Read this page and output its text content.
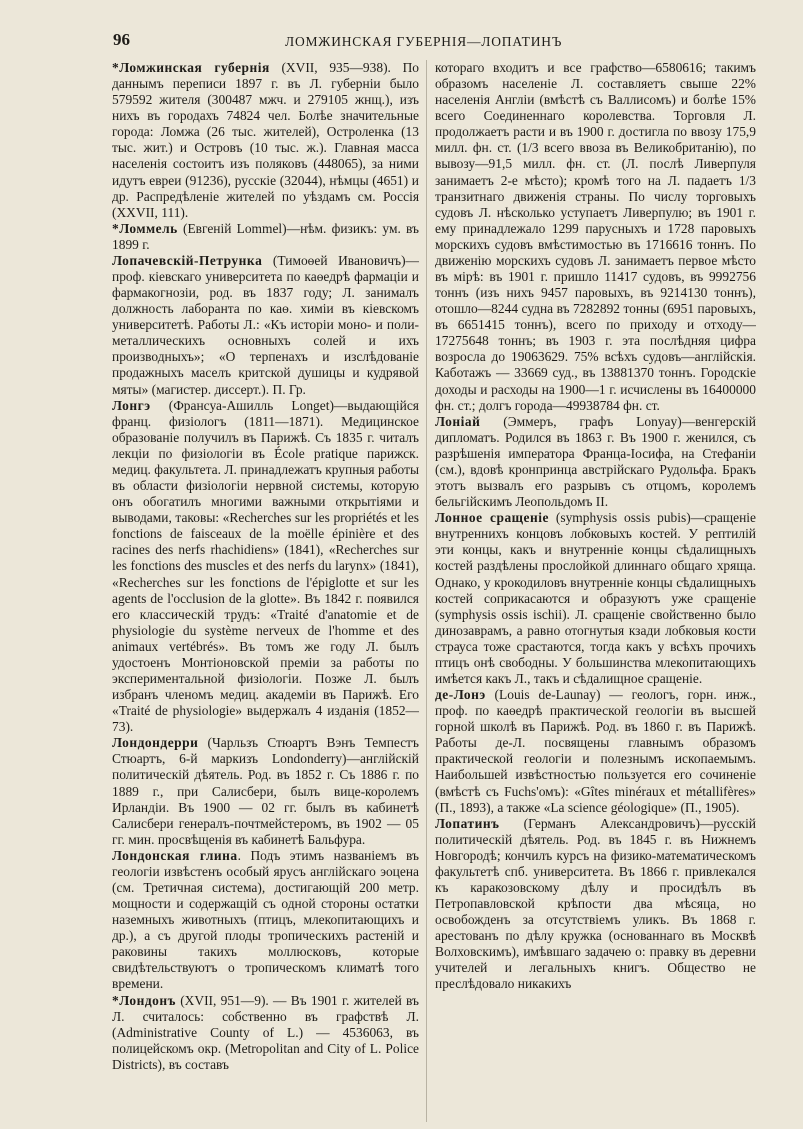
96	ЛОМЖИНСКАЯ ГУБЕРНІЯ—ЛОПАТИНЪ

*Ломжинская губернія (XVII, 935—938). По даннымъ переписи 1897 г. въ Л. губерніи было 579592 жителя (300487 мжч. и 279105 жнщ.), изъ нихъ въ городахъ 74824 чел. Болѣе значительные города: Ломжа (26 тыс. жителей), Остроленка (13 тыс. жит.) и Островъ (10 тыс. ж.). Главная масса населенія состоитъ изъ поляковъ (448065), за ними идутъ евреи (91236), русскіе (32044), нѣмцы (4651) и др. Распредѣленіе жителей по уѣздамъ см. Россія (XXVII, 111).

*Ломмель (Евгеній Lommel)—нѣм. физикъ: ум. въ 1899 г.

Лопачевскій-Петрункa (Тимоѳей Ивановичъ)—проф. кіевскаго университета по каѳедрѣ фармаціи и фармакогнозіи, род. въ 1837 году; Л. занималъ должность лаборанта по каѳ. химіи въ кіевскомъ университетѣ. Работы Л.: «Къ исторіи моно- и поли-металлическихъ основныхъ солей и ихъ производныхъ»; «О терпенахъ и изслѣдованіе продажныхъ маселъ критской душицы и кудрявой мяты» (магистер. диссерт.). П. Гр.

Лонгэ (Франсуа-Ашилль Longet)—выдающійся франц. физіологъ (1811—1871). Медицинское образованіе получилъ въ Парижѣ. Съ 1835 г. читалъ лекціи по физіологіи въ École pratique парижск. медиц. факультета. Л. принадлежатъ крупныя работы въ области физіологіи нервной системы, которую онъ обогатилъ многими важными открытіями и выводами, таковы: «Recherches sur les propriétés et les fonctions de faisceaux de la moëlle épinière et des racines des nerfs rhachidiens» (1841), «Recherches sur les fonctions des muscles et des nerfs du larynx» (1841), «Recherches sur les fonctions de l'épiglotte et sur les agents de l'occlusion de la glotte». Въ 1842 г. появился его классическій трудъ: «Traité d'anatomie et de physiologie du système nerveux de l'homme et des animaux vertébrés». Въ томъ же году Л. былъ удостоенъ Монтіоновской преміи за работы по экспериментальной физіологіи. Позже Л. былъ избранъ членомъ медиц. академіи въ Парижѣ. Его «Traité de physiologie» выдержалъ 4 изданія (1852—73).

Лондондерри (Чарльзъ Стюартъ Вэнъ Темпестъ Стюартъ, 6-й маркизъ Londonderry)—англійскій политическій дѣятель. Род. въ 1852 г. Съ 1886 г. по 1889 г., при Салисбери, былъ вице-королемъ Ирландіи. Въ 1900 — 02 гг. былъ въ кабинетѣ Салисбери генералъ-почтмейстеромъ, въ 1902 — 05 гг. мин. просвѣщенія въ кабинетѣ Бальфура.

Лондонская глина. Подъ этимъ названіемъ въ геологіи извѣстенъ особый ярусъ англійскаго эоцена (см. Третичная система), достигающій 200 метр. мощности и содержащій съ одной стороны остатки наземныхъ животныхъ (птицъ, млекопитающихъ и др.), а съ другой плоды тропическихъ растеній и раковины такихъ моллюсковъ, которые свидѣтельствуютъ о тропическомъ климатѣ того времени.

*Лондонъ (XVII, 951—9). — Въ 1901 г. жителей въ Л. считалось: собственно въ графствѣ Л. (Administrative County of L.) — 4536063, въ полицейскомъ окр. (Metropolitan and City of L. Police Districts), въ составъ

котораго входитъ и все графство—6580616; такимъ образомъ населеніе Л. составляетъ свыше 22% населенія Англіи (вмѣстѣ съ Валлисомъ) и болѣе 15% всего Соединеннаго королевства. Торговля Л. продолжаетъ расти и въ 1900 г. достигла по ввозу 175,9 милл. фн. ст. (1/3 всего ввоза въ Великобританію), по вывозу—91,5 милл. фн. ст. (Л. послѣ Ливерпуля занимаетъ 2-е мѣсто); кромѣ того на Л. падаетъ 1/3 транзитнаго движенія страны. По числу торговыхъ судовъ Л. нѣсколько уступаетъ Ливерпулю; въ 1901 г. ему принадлежало 1299 парусныхъ и 1728 паровыхъ морскихъ судовъ вмѣстимостью въ 1716616 тоннъ. По движенію морскихъ судовъ Л. занимаетъ первое мѣсто въ мірѣ: въ 1901 г. пришло 11417 судовъ, въ 9992756 тоннъ (изъ нихъ 9457 паровыхъ, въ 9214130 тоннъ), отошло—8244 судна въ 7282892 тонны (6951 паровыхъ, въ 6651415 тоннъ), всего по приходу и отходу—17275648 тоннъ; въ 1903 г. эта послѣдняя цифра возросла до 19063629. 75% всѣхъ судовъ—англійскія. Каботажъ — 33669 суд., въ 13881370 тоннъ. Городскіе доходы и расходы на 1900—1 г. исчислены въ 16400000 фн. ст.; долгъ города—49938784 фн. ст.

Лоніай (Эммеръ, графъ Lonyay)—венгерскій дипломатъ. Родился въ 1863 г. Въ 1900 г. женился, съ разрѣшенія императора Франца-Іосифа, на Стефаніи (см.), вдовѣ кронпринца австрійскаго Рудольфа. Бракъ этотъ вызвалъ его разрывъ съ отцомъ, королемъ бельгійскимъ Леопольдомъ II.

Лонное сращеніе (symphysis ossis pubis)—сращеніе внутреннихъ концовъ лобковыхъ костей. У рептилій эти концы, какъ и внутренніе концы сѣдалищныхъ костей раздѣлены прослойкой длиннаго общаго хряща. Однако, у крокодиловъ внутренніе концы сѣдалищныхъ костей соприкасаются и образуютъ уже сращеніе (symphysis ossis ischii). Л. сращеніе свойственно было динозаврамъ, а равно отогнутыя кзади лобковыя кости страуса тоже срастаются, тогда какъ у всѣхъ прочихъ птицъ онѣ свободны. У большинства млекопитающихъ имѣется какъ Л., такъ и сѣдалищное сращеніе.

де-Лонэ (Louis de-Launay) — геологъ, горн. инж., проф. по каѳедрѣ практической геологіи въ высшей горной школѣ въ Парижѣ. Род. въ 1860 г. въ Парижѣ. Работы де-Л. посвящены главнымъ образомъ практической геологіи и полезнымъ ископаемымъ. Наибольшей извѣстностью пользуется его сочиненіе (вмѣстѣ съ Fuchs'омъ): «Gîtes minéraux et métallifères» (П., 1893), а также «La science géologique» (П., 1905).

Лопатинъ (Германъ Александровичъ)—русскій политическій дѣятель. Род. въ 1845 г. въ Нижнемъ Новгородѣ; кончилъ курсъ на физико-математическомъ факультетѣ спб. университета. Въ 1866 г. привлекался къ каракозовскому дѣлу и просидѣлъ въ Петропавловской крѣпости два мѣсяца, но освобожденъ за отсутствіемъ уликъ. Въ 1868 г. арестованъ по дѣлу кружка (основаннаго въ Москвѣ Волховскимъ), имѣвшаго задачею о: правку въ деревни учителей и легальныхъ книгъ. Общество не преслѣдовало никакихъ
